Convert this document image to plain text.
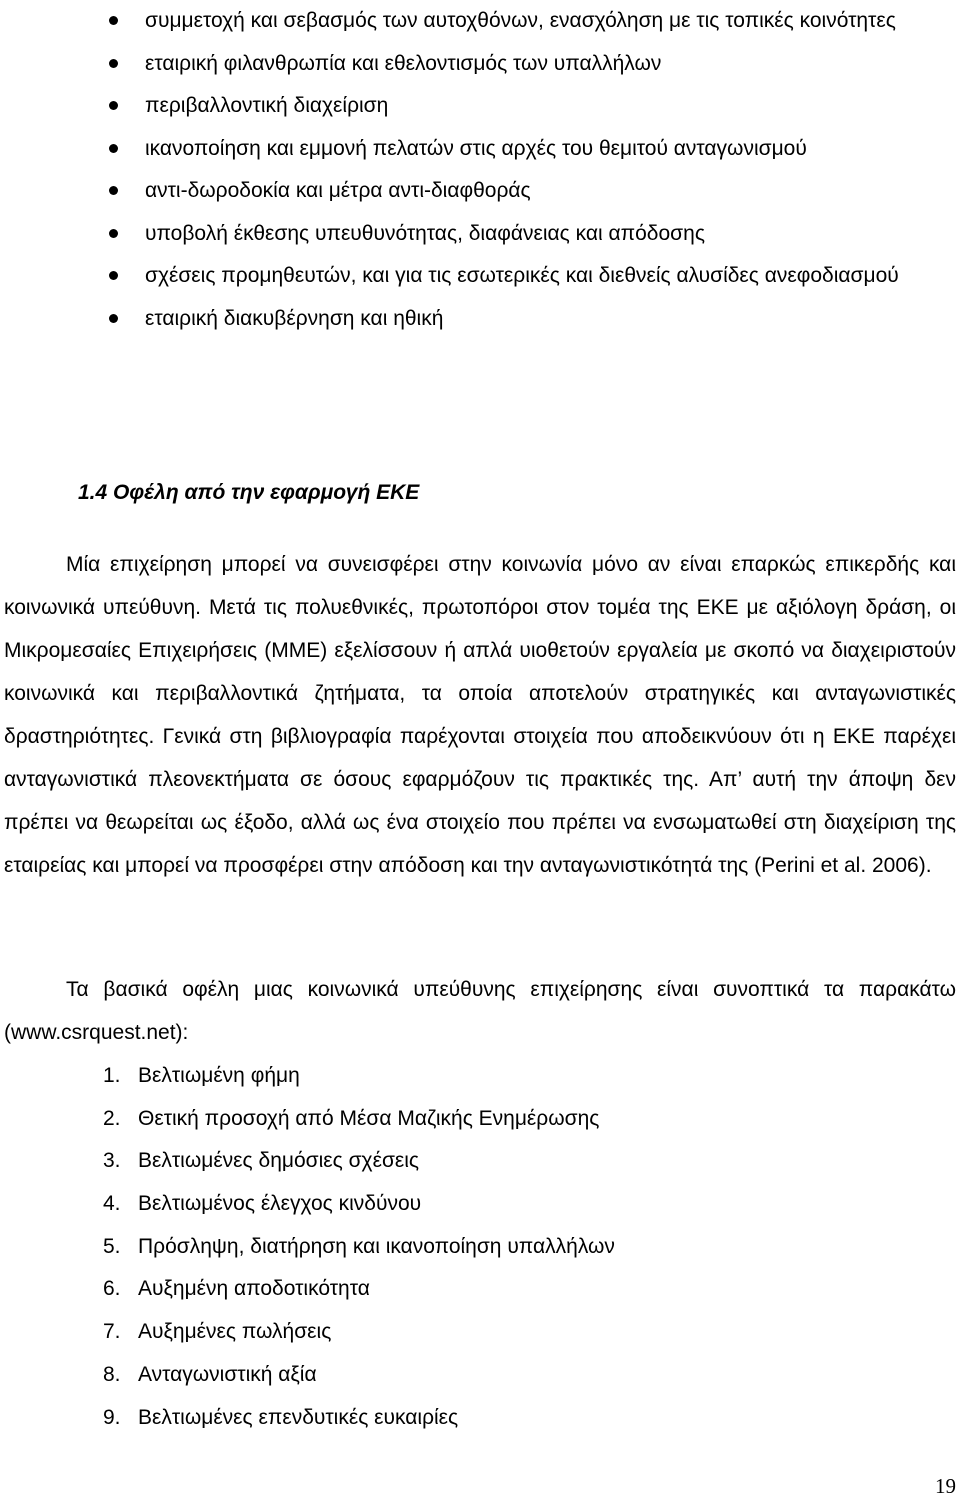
συμμετοχή και σεβασμός των αυτοχθόνων, ενασχόληση με τις τοπικές κοινότητες
εταιρική φιλανθρωπία και εθελοντισμός των υπαλλήλων
περιβαλλοντική διαχείριση
ικανοποίηση και εμμονή πελατών στις αρχές του θεμιτού ανταγωνισμού
αντι-δωροδοκία και μέτρα αντι-διαφθοράς
υποβολή έκθεσης υπευθυνότητας, διαφάνειας και απόδοσης
σχέσεις προμηθευτών, και για τις εσωτερικές και διεθνείς αλυσίδες ανεφοδιασμού
εταιρική διακυβέρνηση και ηθική
1.4 Οφέλη από την εφαρμογή ΕΚΕ

Μία επιχείρηση μπορεί να συνεισφέρει στην κοινωνία μόνο αν είναι επαρκώς επικερδής και κοινωνικά υπεύθυνη. Μετά τις πολυεθνικές, πρωτοπόροι στον τομέα της ΕΚΕ με αξιόλογη δράση, οι Μικρομεσαίες Επιχειρήσεις (ΜΜΕ) εξελίσσουν ή απλά υιοθετούν εργαλεία με σκοπό να διαχειριστούν κοινωνικά και περιβαλλοντικά ζητήματα, τα οποία αποτελούν στρατηγικές και ανταγωνιστικές δραστηριότητες. Γενικά στη βιβλιογραφία παρέχονται στοιχεία που αποδεικνύουν ότι η ΕΚΕ παρέχει ανταγωνιστικά πλεονεκτήματα σε όσους εφαρμόζουν τις πρακτικές της. Απ’ αυτή την άποψη δεν πρέπει να θεωρείται ως έξοδο, αλλά ως ένα στοιχείο που πρέπει να ενσωματωθεί στη διαχείριση της εταιρείας και μπορεί να προσφέρει στην απόδοση και την ανταγωνιστικότητά της (Perini et al. 2006).

Τα βασικά οφέλη μιας κοινωνικά υπεύθυνης επιχείρησης είναι συνοπτικά τα παρακάτω (www.csrquest.net):

1. Βελτιωμένη φήμη
2. Θετική προσοχή από Μέσα Μαζικής Ενημέρωσης
3. Βελτιωμένες δημόσιες σχέσεις
4. Βελτιωμένος έλεγχος κινδύνου
5. Πρόσληψη, διατήρηση και ικανοποίηση υπαλλήλων
6. Αυξημένη αποδοτικότητα
7. Αυξημένες πωλήσεις
8. Ανταγωνιστική αξία
9. Βελτιωμένες επενδυτικές ευκαιρίες
19
